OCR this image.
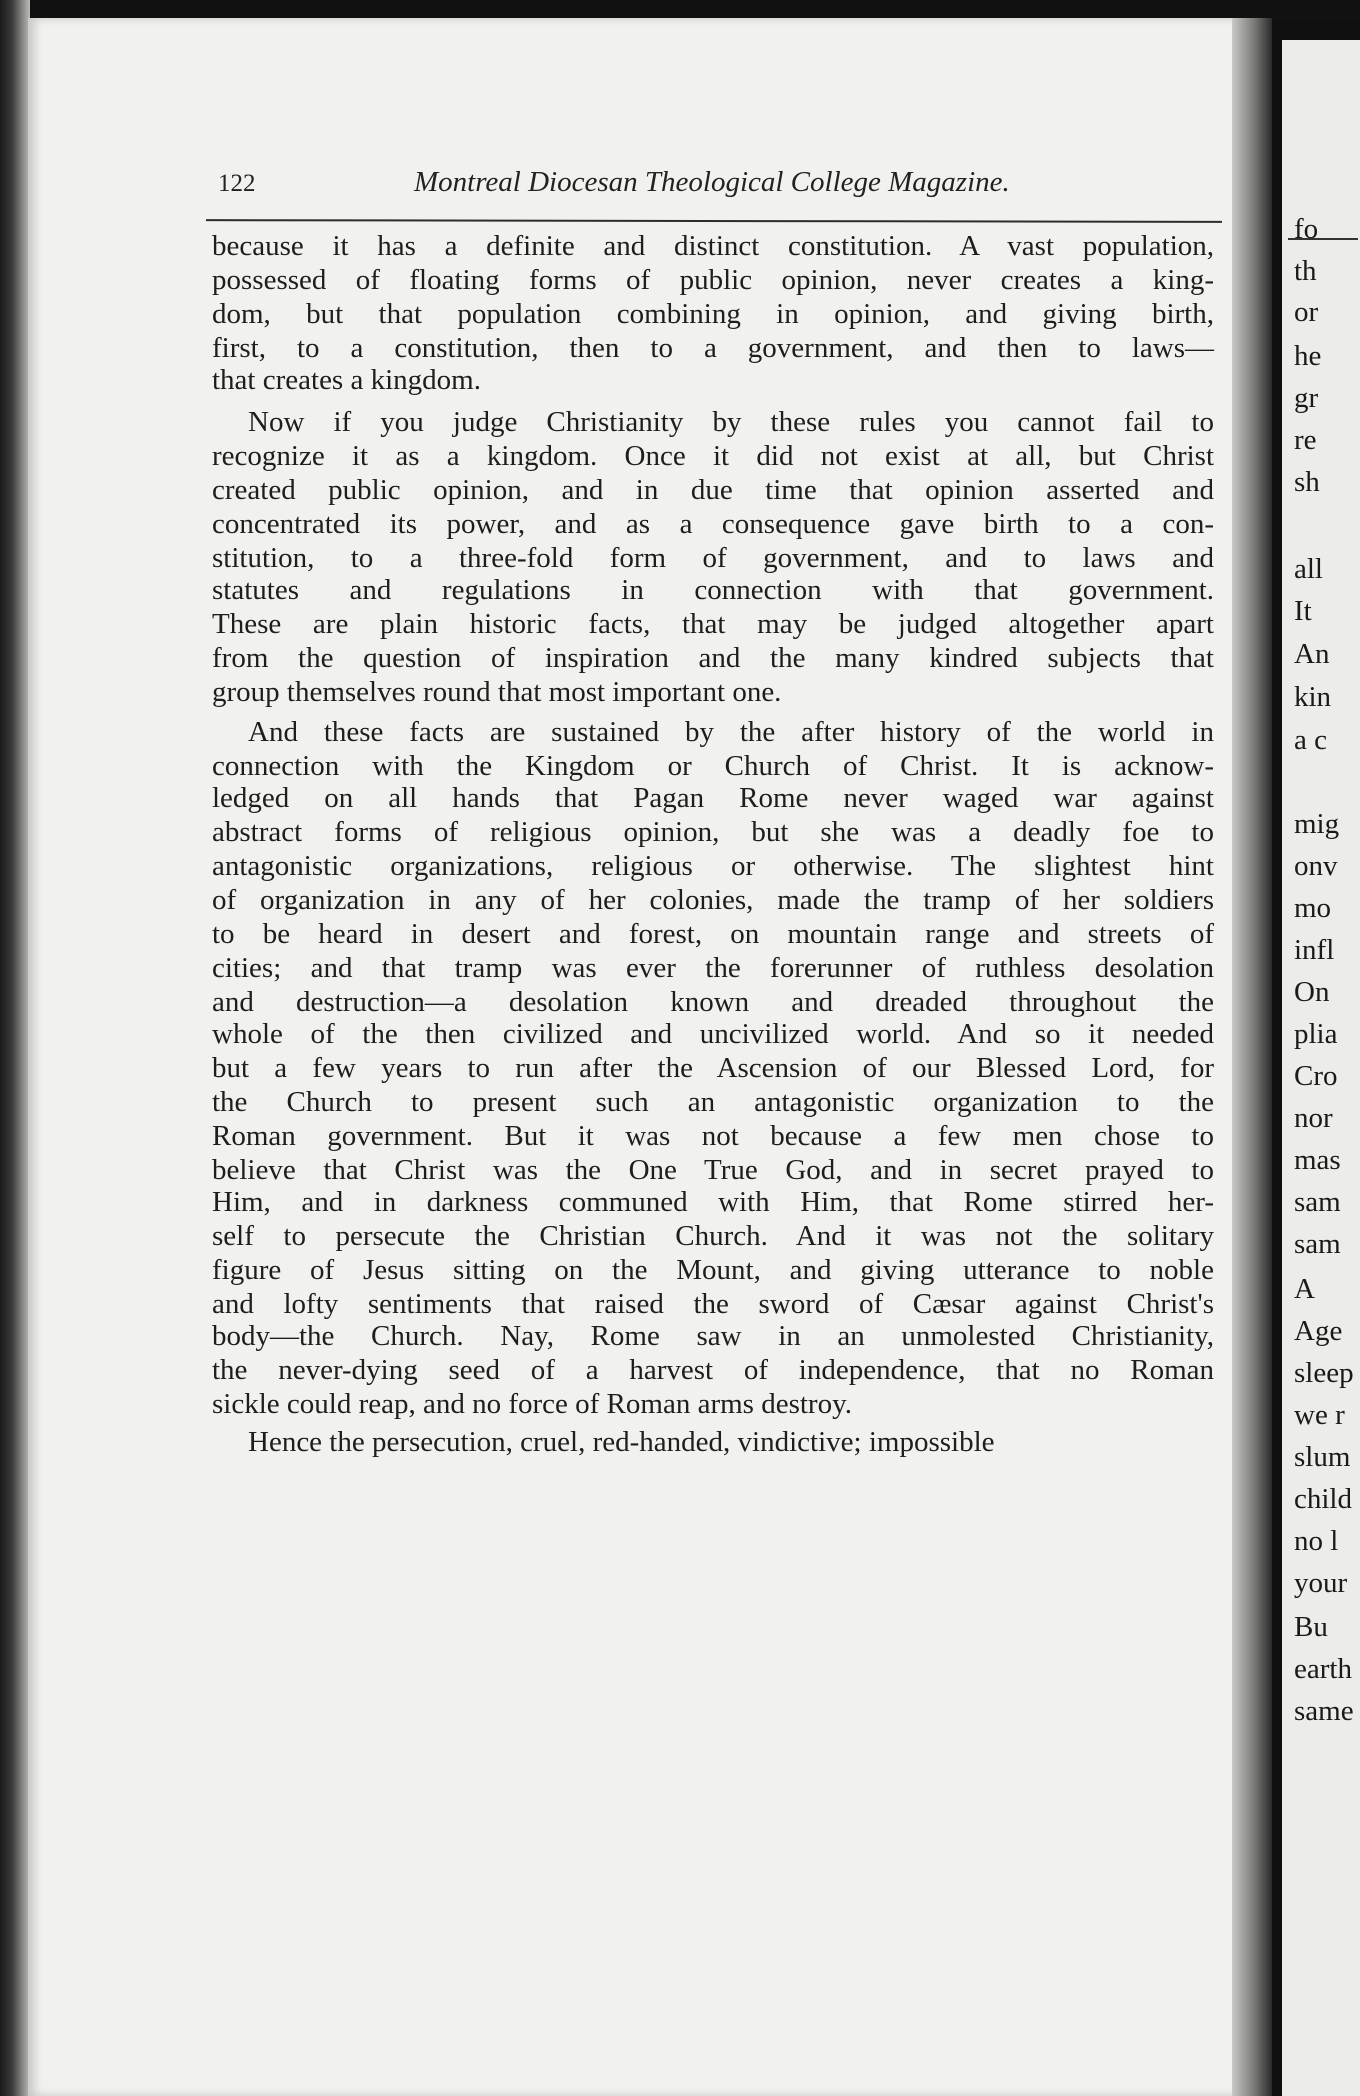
fo
th
or
he
gr
re
sh
all
It
An
kin
a c
mig
onv
mo
infl
On
plia
Cro
nor
mas
sam
sam
A
Age
sleep
we r
slum
child
no l
your
Bu
earth
same
122	Montreal Diocesan Theological College Magazine.
because it has a definite and distinct constitution. A vast population,
possessed of floating forms of public opinion, never creates a king-
dom, but that population combining in opinion, and giving birth,
first, to a constitution, then to a government, and then to laws—
that creates a kingdom.
Now if you judge Christianity by these rules you cannot fail to
recognize it as a kingdom. Once it did not exist at all, but Christ
created public opinion, and in due time that opinion asserted and
concentrated its power, and as a consequence gave birth to a con-
stitution, to a three-fold form of government, and to laws and
statutes and regulations in connection with that government.
These are plain historic facts, that may be judged altogether apart
from the question of inspiration and the many kindred subjects that
group themselves round that most important one.
And these facts are sustained by the after history of the world in
connection with the Kingdom or Church of Christ. It is acknow-
ledged on all hands that Pagan Rome never waged war against
abstract forms of religious opinion, but she was a deadly foe to
antagonistic organizations, religious or otherwise. The slightest hint
of organization in any of her colonies, made the tramp of her soldiers
to be heard in desert and forest, on mountain range and streets of
cities; and that tramp was ever the forerunner of ruthless desolation
and destruction—a desolation known and dreaded throughout the
whole of the then civilized and uncivilized world. And so it needed
but a few years to run after the Ascension of our Blessed Lord, for
the Church to present such an antagonistic organization to the
Roman government. But it was not because a few men chose to
believe that Christ was the One True God, and in secret prayed to
Him, and in darkness communed with Him, that Rome stirred her-
self to persecute the Christian Church. And it was not the solitary
figure of Jesus sitting on the Mount, and giving utterance to noble
and lofty sentiments that raised the sword of Cæsar against Christ's
body—the Church. Nay, Rome saw in an unmolested Christianity,
the never-dying seed of a harvest of independence, that no Roman
sickle could reap, and no force of Roman arms destroy.
Hence the persecution, cruel, red-handed, vindictive; impossible
